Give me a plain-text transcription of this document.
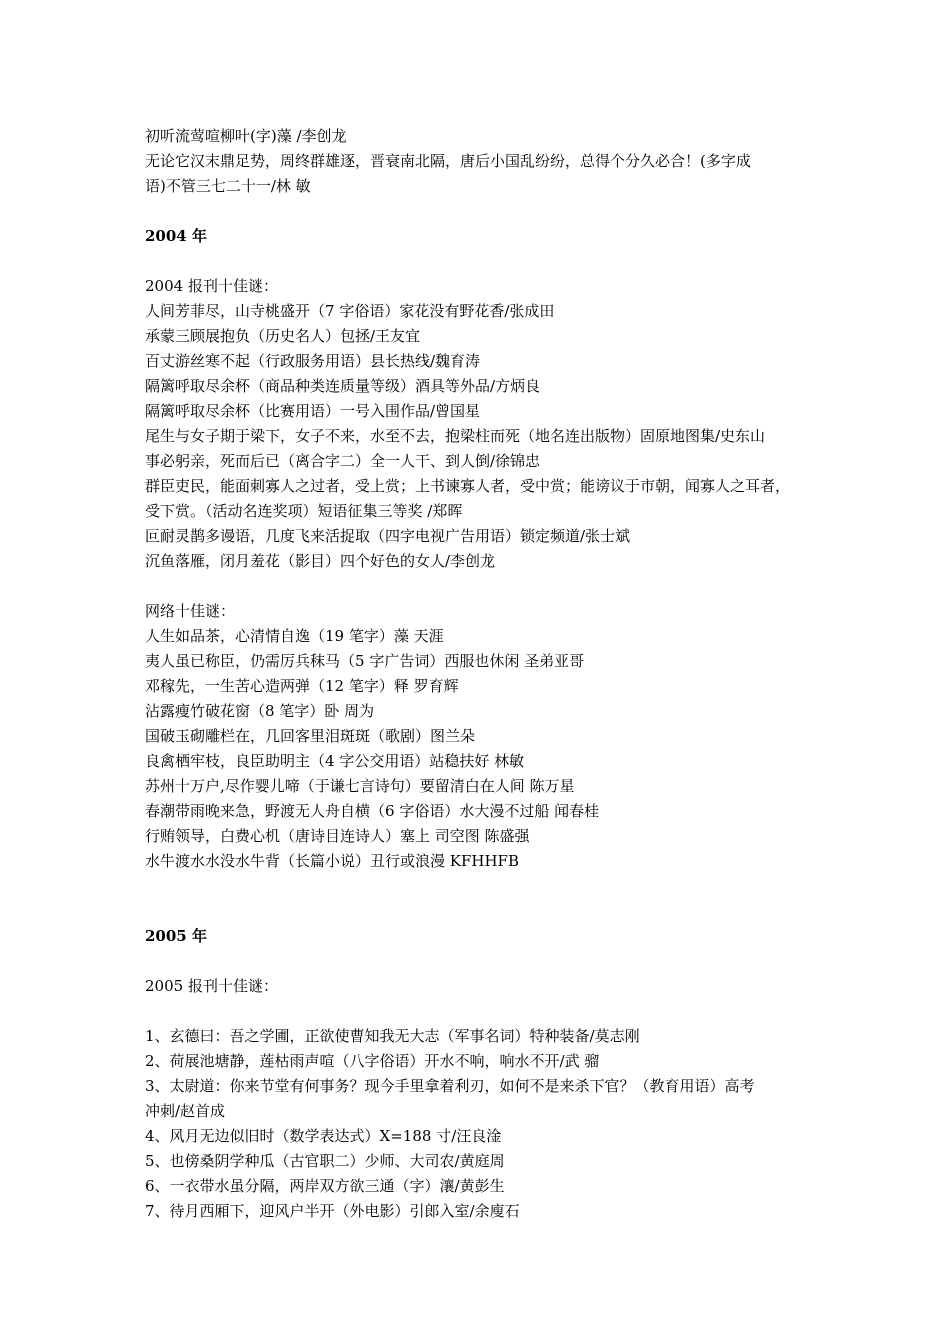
初听流莺喧柳叶(字)藻 /李创龙
无论它汉末鼎足势，周终群雄逐，晋衰南北隔，唐后小国乱纷纷，总得个分久必合！(多字成
语)不管三七二十一/林 敏
2004 年
2004 报刊十佳谜：
人间芳菲尽，山寺桃盛开（7 字俗语）家花没有野花香/张成田
承蒙三顾展抱负（历史名人）包拯/王友宜
百丈游丝寒不起（行政服务用语）县长热线/魏育涛
隔篱呼取尽余杯（商品种类连质量等级）酒具等外品/方炳良
隔篱呼取尽余杯（比赛用语）一号入围作品/曾国星
尾生与女子期于梁下，女子不来，水至不去，抱梁柱而死（地名连出版物）固原地图集/史东山
事必躬亲，死而后已（离合字二）全一人干、到人倒/徐锦忠
群臣吏民，能面刺寡人之过者，受上赏；上书谏寡人者，受中赏；能谤议于市朝，闻寡人之耳者，
受下赏。（活动名连奖项）短语征集三等奖 /郑晖
叵耐灵鹊多谩语，几度飞来活捉取（四字电视广告用语）锁定频道/张士斌
沉鱼落雁，闭月羞花（影目）四个好色的女人/李创龙
网络十佳谜：
人生如品茶，心清情自逸（19 笔字）藻 天涯
夷人虽已称臣，仍需厉兵秣马（5 字广告词）西服也休闲 圣弟亚哥
邓稼先，一生苦心造两弹（12 笔字）释 罗育辉
沾露瘦竹破花窗（8 笔字）卧 周为
国破玉砌雕栏在，几回客里泪斑斑（歌剧）图兰朵
良禽栖牢枝，良臣助明主（4 字公交用语）站稳扶好 林敏
苏州十万户,尽作婴儿啼（于谦七言诗句）要留清白在人间 陈万星
春潮带雨晚来急，野渡无人舟自横（6 字俗语）水大漫不过船 闻春桂
行贿领导，白费心机（唐诗目连诗人）塞上 司空图 陈盛强
水牛渡水水没水牛背（长篇小说）丑行或浪漫 KFHHFB
2005 年
2005 报刊十佳谜：
1、玄德曰：吾之学圃，正欲使曹知我无大志（军事名词）特种装备/莫志刚
2、荷展池塘静，莲枯雨声喧（八字俗语）开水不响，响水不开/武 骝
3、太尉道：你来节堂有何事务？现今手里拿着利刃，如何不是来杀下官？（教育用语）高考
冲刺/赵首成
4、风月无边似旧时（数学表达式）X=188 寸/汪良淦
5、也傍桑阴学种瓜（古官职二）少师、大司农/黄庭周
6、一衣带水虽分隔，两岸双方欲三通（字）瀼/黄彭生
7、待月西厢下，迎风户半开（外电影）引郎入室/余廋石
